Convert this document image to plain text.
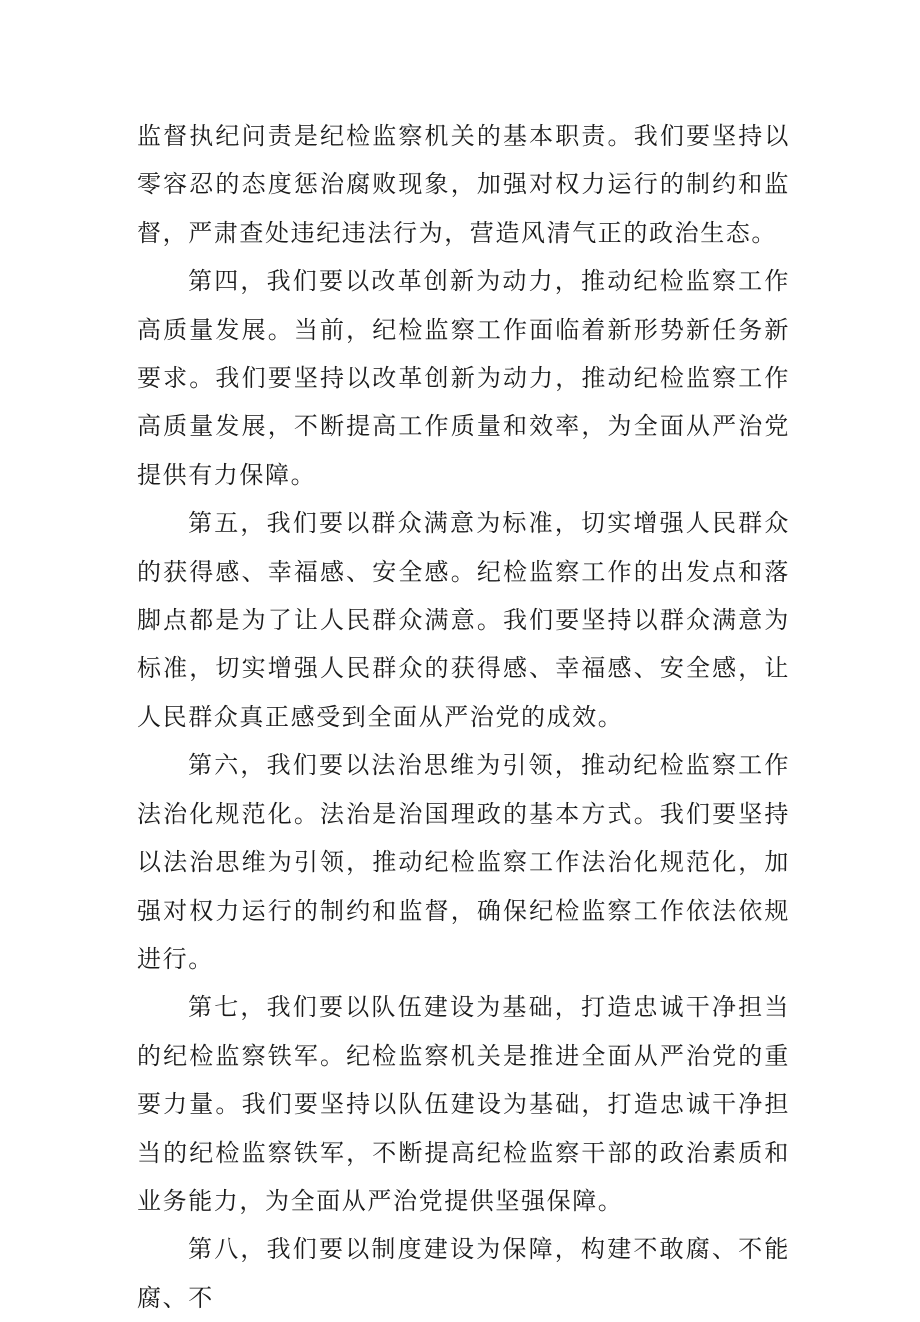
监督执纪问责是纪检监察机关的基本职责。我们要坚持以零容忍的态度惩治腐败现象，加强对权力运行的制约和监督，严肃查处违纪违法行为，营造风清气正的政治生态。

第四，我们要以改革创新为动力，推动纪检监察工作高质量发展。当前，纪检监察工作面临着新形势新任务新要求。我们要坚持以改革创新为动力，推动纪检监察工作高质量发展，不断提高工作质量和效率，为全面从严治党提供有力保障。

第五，我们要以群众满意为标准，切实增强人民群众的获得感、幸福感、安全感。纪检监察工作的出发点和落脚点都是为了让人民群众满意。我们要坚持以群众满意为标准，切实增强人民群众的获得感、幸福感、安全感，让人民群众真正感受到全面从严治党的成效。

第六，我们要以法治思维为引领，推动纪检监察工作法治化规范化。法治是治国理政的基本方式。我们要坚持以法治思维为引领，推动纪检监察工作法治化规范化，加强对权力运行的制约和监督，确保纪检监察工作依法依规进行。

第七，我们要以队伍建设为基础，打造忠诚干净担当的纪检监察铁军。纪检监察机关是推进全面从严治党的重要力量。我们要坚持以队伍建设为基础，打造忠诚干净担当的纪检监察铁军，不断提高纪检监察干部的政治素质和业务能力，为全面从严治党提供坚强保障。

第八，我们要以制度建设为保障，构建不敢腐、不能腐、不
